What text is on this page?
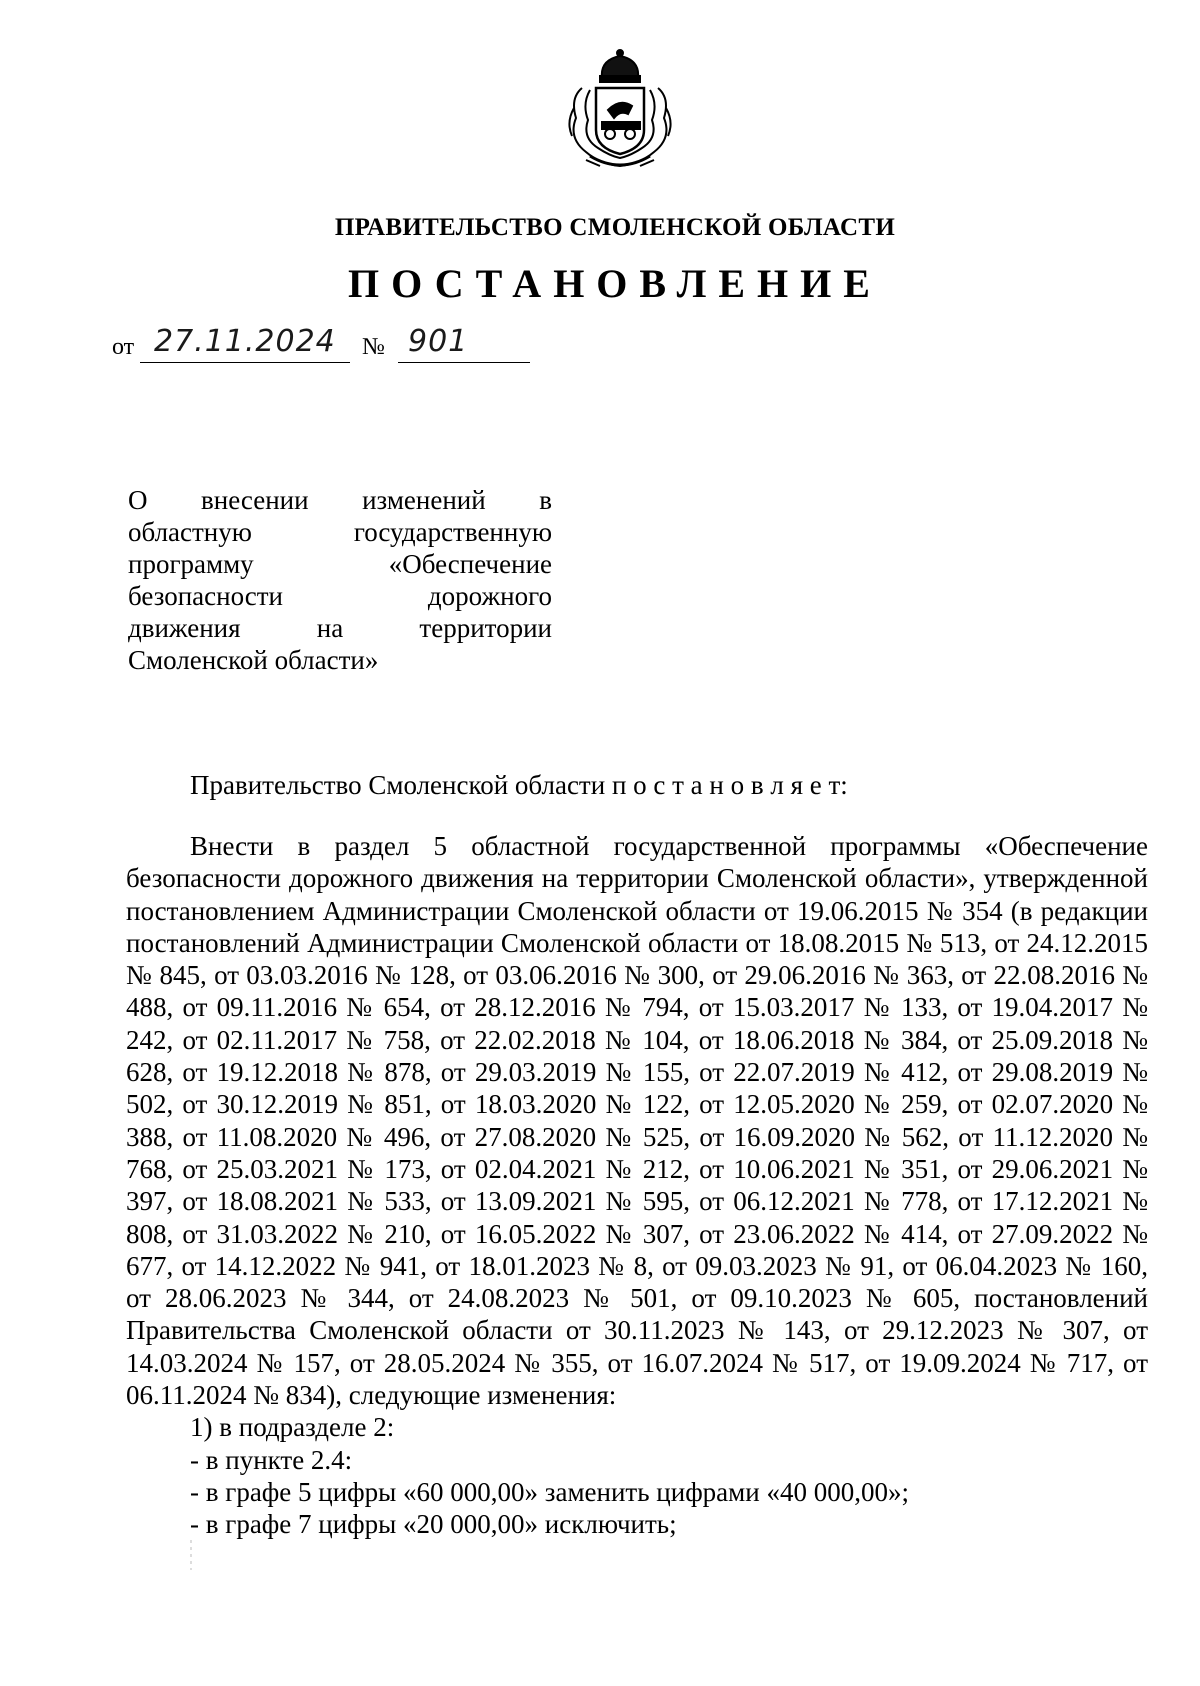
ПРАВИТЕЛЬСТВО СМОЛЕНСКОЙ ОБЛАСТИ
ПОСТАНОВЛЕНИЕ
от 27.11.2024 № 901
О внесении изменений в
областную государственную
программу «Обеспечение
безопасности дорожного
движения на территории
Смоленской области»

Правительство Смоленской области п о с т а н о в л я е т:

Внести в раздел 5 областной государственной программы «Обеспечение безопасности дорожного движения на территории Смоленской области», утвержденной постановлением Администрации Смоленской области от 19.06.2015 № 354 (в редакции постановлений Администрации Смоленской области от 18.08.2015 № 513, от 24.12.2015 № 845, от 03.03.2016 № 128, от 03.06.2016 № 300, от 29.06.2016 № 363, от 22.08.2016 № 488, от 09.11.2016 № 654, от 28.12.2016 № 794, от 15.03.2017 № 133, от 19.04.2017 № 242, от 02.11.2017 № 758, от 22.02.2018 № 104, от 18.06.2018 № 384, от 25.09.2018 № 628, от 19.12.2018 № 878, от 29.03.2019 № 155, от 22.07.2019 № 412, от 29.08.2019 № 502, от 30.12.2019 № 851, от 18.03.2020 № 122, от 12.05.2020 № 259, от 02.07.2020 № 388, от 11.08.2020 № 496, от 27.08.2020 № 525, от 16.09.2020 № 562, от 11.12.2020 № 768, от 25.03.2021 № 173, от 02.04.2021 № 212, от 10.06.2021 № 351, от 29.06.2021 № 397, от 18.08.2021 № 533, от 13.09.2021 № 595, от 06.12.2021 № 778, от 17.12.2021 № 808, от 31.03.2022 № 210, от 16.05.2022 № 307, от 23.06.2022 № 414, от 27.09.2022 № 677, от 14.12.2022 № 941, от 18.01.2023 № 8, от 09.03.2023 № 91, от 06.04.2023 № 160, от 28.06.2023 № 344, от 24.08.2023 № 501, от 09.10.2023 № 605, постановлений Правительства Смоленской области от 30.11.2023 № 143, от 29.12.2023 № 307, от 14.03.2024 № 157, от 28.05.2024 № 355, от 16.07.2024 № 517, от 19.09.2024 № 717, от 06.11.2024 № 834), следующие изменения:

1) в подразделе 2:

- в пункте 2.4:

- в графе 5 цифры «60 000,00» заменить цифрами «40 000,00»;

- в графе 7 цифры «20 000,00» исключить;
